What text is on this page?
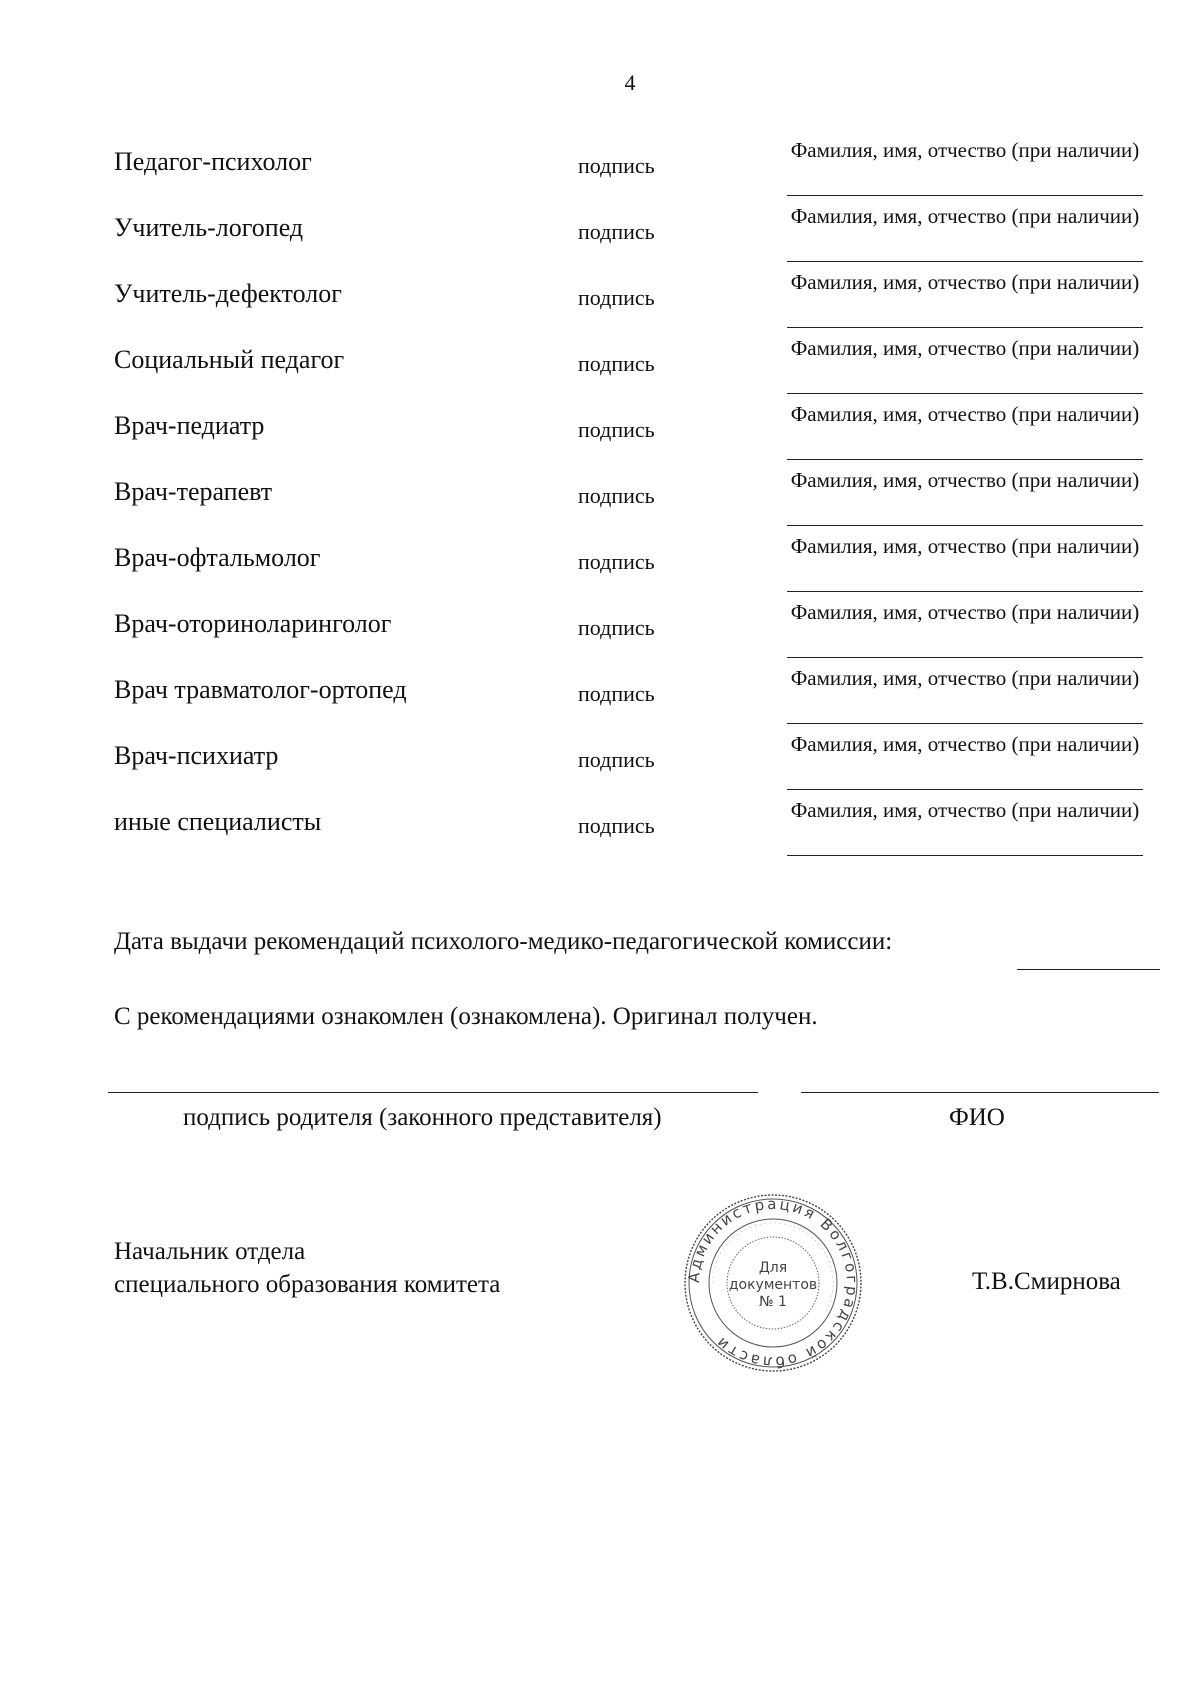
4
Педагог-психолог	подпись
Фамилия, имя, отчество (при наличии)
Учитель-логопед	подпись
Фамилия, имя, отчество (при наличии)
Учитель-дефектолог	подпись
Фамилия, имя, отчество (при наличии)
Социальный педагог	подпись
Фамилия, имя, отчество (при наличии)
Врач-педиатр	подпись
Фамилия, имя, отчество (при наличии)
Врач-терапевт	подпись
Фамилия, имя, отчество (при наличии)
Врач-офтальмолог	подпись
Фамилия, имя, отчество (при наличии)
Врач-оториноларинголог	подпись
Фамилия, имя, отчество (при наличии)
Врач травматолог-ортопед	подпись
Фамилия, имя, отчество (при наличии)
Врач-психиатр	подпись
Фамилия, имя, отчество (при наличии)
иные специалисты	подпись
Фамилия, имя, отчество (при наличии)
Дата выдачи рекомендаций психолого-медико-педагогической комиссии:
С рекомендациями ознакомлен (ознакомлена). Оригинал получен.
подпись родителя (законного представителя)	ФИО
Начальник отдела
специального образования комитета	Администрация Волгоградской области
· · · · · · · · · · · · · · · · · · · · · · · · · · · · · · · · · · · · · · · · · · · ·
Для
документов
№ 1
Т.В.Смирнова
